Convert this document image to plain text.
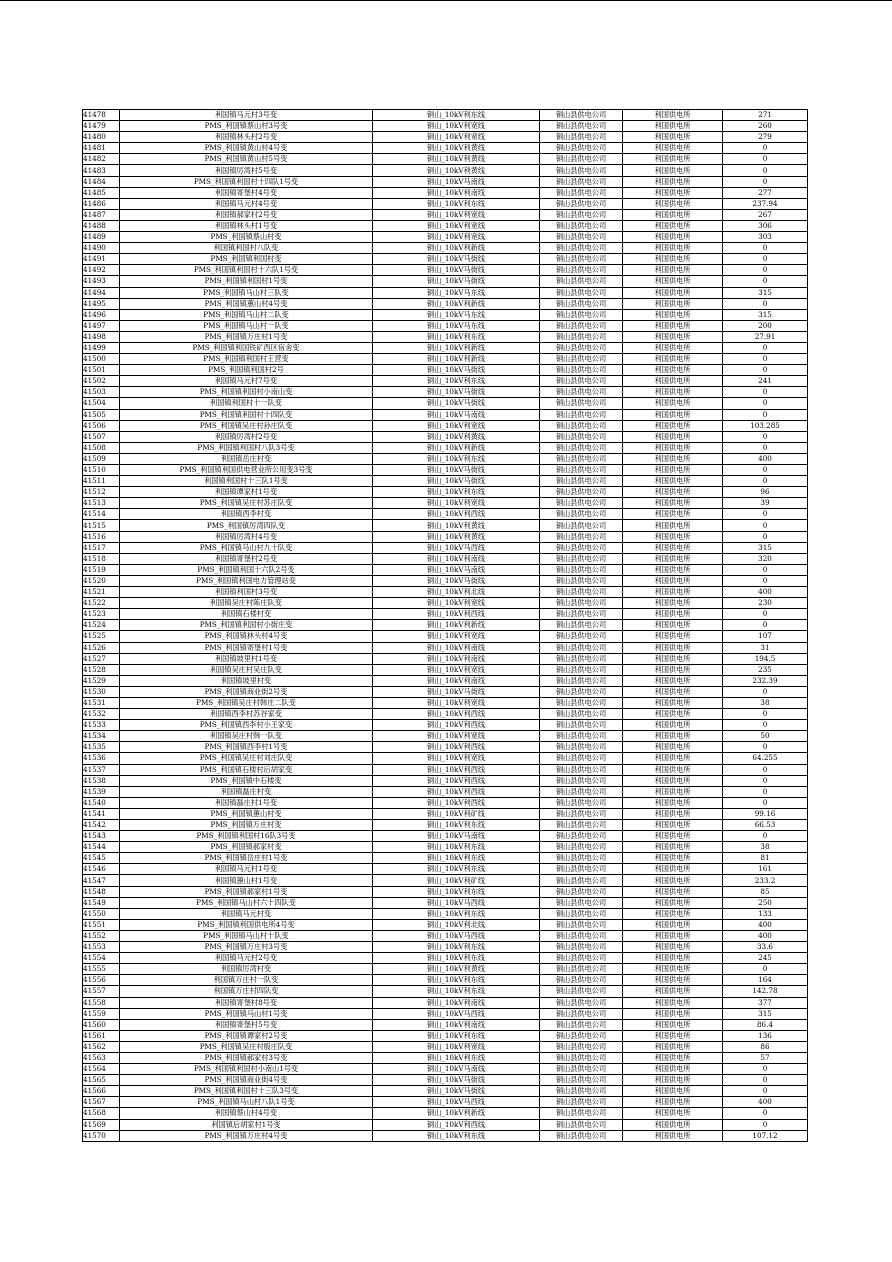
41478	利国镇马元村3号变	铜山_10kV利东线	铜山县供电公司	利国供电所	271
41479	PMS_利国镇蔡山村3号变	铜山_10kV利宽线	铜山县供电公司	利国供电所	260
41480	利国镇林头村2号变	铜山_10kV利宽线	铜山县供电公司	利国供电所	279
41481	PMS_利国镇黄山村4号变	铜山_10kV利黄线	铜山县供电公司	利国供电所	0
41482	PMS_利国镇黄山村5号变	铜山_10kV利黄线	铜山县供电公司	利国供电所	0
41483	利国镇厉湾村5号变	铜山_10kV利黄线	铜山县供电公司	利国供电所	0
41484	PMS_利国镇利国村十四队1号变	铜山_10kV马南线	铜山县供电公司	利国供电所	0
41485	利国镇寄堡村4号变	铜山_10kV利南线	铜山县供电公司	利国供电所	277
41486	利国镇马元村4号变	铜山_10kV利东线	铜山县供电公司	利国供电所	237.94
41487	利国镇郝家村2号变	铜山_10kV利宽线	铜山县供电公司	利国供电所	267
41488	利国镇林头村1号变	铜山_10kV利宽线	铜山县供电公司	利国供电所	306
41489	PMS_利国镇蔡山村变	铜山_10kV利宽线	铜山县供电公司	利国供电所	303
41490	利国镇利国村八队变	铜山_10kV利新线	铜山县供电公司	利国供电所	0
41491	PMS_利国镇利国村变	铜山_10kV马街线	铜山县供电公司	利国供电所	0
41492	PMS_利国镇利国村十六队1号变	铜山_10kV马街线	铜山县供电公司	利国供电所	0
41493	PMS_利国镇利国村1号变	铜山_10kV马街线	铜山县供电公司	利国供电所	0
41494	PMS_利国镇马山村三队变	铜山_10kV马东线	铜山县供电公司	利国供电所	315
41495	PMS_利国镇蕙山村4号变	铜山_10kV利新线	铜山县供电公司	利国供电所	0
41496	PMS_利国镇马山村二队变	铜山_10kV马东线	铜山县供电公司	利国供电所	315
41497	PMS_利国镇马山村一队变	铜山_10kV马东线	铜山县供电公司	利国供电所	200
41498	PMS_利国镇万庄村1号变	铜山_10kV利东线	铜山县供电公司	利国供电所	27.91
41499	PMS_利国镇利国铁矿西区宿舍变	铜山_10kV利新线	铜山县供电公司	利国供电所	0
41500	PMS_利国镇利国村王营变	铜山_10kV利新线	铜山县供电公司	利国供电所	0
41501	PMS_利国镇利国村2号	铜山_10kV马街线	铜山县供电公司	利国供电所	0
41502	利国镇马元村7号变	铜山_10kV利东线	铜山县供电公司	利国供电所	241
41503	PMS_利国镇利国村小南山变	铜山_10kV马街线	铜山县供电公司	利国供电所	0
41504	利国镇利国村十一队变	铜山_10kV马街线	铜山县供电公司	利国供电所	0
41505	PMS_利国镇利国村十四队变	铜山_10kV马南线	铜山县供电公司	利国供电所	0
41506	PMS_利国镇吴庄村孙庄队变	铜山_10kV利宽线	铜山县供电公司	利国供电所	103.285
41507	利国镇厉湾村2号变	铜山_10kV利黄线	铜山县供电公司	利国供电所	0
41508	PMS_利国镇利国村八队3号变	铜山_10kV利新线	铜山县供电公司	利国供电所	0
41509	利国镇岳庄村变	铜山_10kV利东线	铜山县供电公司	利国供电所	400
41510	PMS_利国镇利国供电营业所公用变3号变	铜山_10kV马街线	铜山县供电公司	利国供电所	0
41511	利国镇利国村十三队1号变	铜山_10kV马街线	铜山县供电公司	利国供电所	0
41512	利国镇谭家村1号变	铜山_10kV利东线	铜山县供电公司	利国供电所	96
41513	PMS_利国镇吴庄村苏庄队变	铜山_10kV利宽线	铜山县供电公司	利国供电所	39
41514	利国镇西李村变	铜山_10kV利西线	铜山县供电公司	利国供电所	0
41515	PMS_利国镇厉湾四队变	铜山_10kV利黄线	铜山县供电公司	利国供电所	0
41516	利国镇厉湾村4号变	铜山_10kV利黄线	铜山县供电公司	利国供电所	0
41517	PMS_利国镇马山村九十队变	铜山_10kV马西线	铜山县供电公司	利国供电所	315
41518	利国镇寄堡村2号变	铜山_10kV利南线	铜山县供电公司	利国供电所	320
41519	PMS_利国镇利国十六队2号变	铜山_10kV马南线	铜山县供电公司	利国供电所	0
41520	PMS_利国镇利国电力管理站变	铜山_10kV马街线	铜山县供电公司	利国供电所	0
41521	利国镇利国村3号变	铜山_10kV利北线	铜山县供电公司	利国供电所	400
41522	利国镇吴庄村陈庄队变	铜山_10kV利宽线	铜山县供电公司	利国供电所	230
41523	利国镇石楼村变	铜山_10kV利西线	铜山县供电公司	利国供电所	0
41524	PMS_利国镇利国村小街庄变	铜山_10kV利新线	铜山县供电公司	利国供电所	0
41525	PMS_利国镇林头村4号变	铜山_10kV利宽线	铜山县供电公司	利国供电所	107
41526	PMS_利国镇寄堡村1号变	铜山_10kV利南线	铜山县供电公司	利国供电所	31
41527	利国镇坡里村1号变	铜山_10kV利南线	铜山县供电公司	利国供电所	194.5
41528	利国镇吴庄村吴庄队变	铜山_10kV利宽线	铜山县供电公司	利国供电所	235
41529	利国镇坡里村变	铜山_10kV利南线	铜山县供电公司	利国供电所	232.39
41530	PMS_利国镇商业街2号变	铜山_10kV马街线	铜山县供电公司	利国供电所	0
41531	PMS_利国镇吴庄村韩庄二队变	铜山_10kV利宽线	铜山县供电公司	利国供电所	38
41532	利国镇西李村苏谷家变	铜山_10kV利西线	铜山县供电公司	利国供电所	0
41533	PMS_利国镇西李村小王家变	铜山_10kV利西线	铜山县供电公司	利国供电所	0
41534	利国镇吴庄村韩一队变	铜山_10kV利宽线	铜山县供电公司	利国供电所	50
41535	PMS_利国镇西李村1号变	铜山_10kV利西线	铜山县供电公司	利国供电所	0
41536	PMS_利国镇吴庄村刘庄队变	铜山_10kV利宽线	铜山县供电公司	利国供电所	64.255
41537	PMS_利国镇石楼村后胡家变	铜山_10kV利西线	铜山县供电公司	利国供电所	0
41538	PMS_利国镇中石楼变	铜山_10kV利西线	铜山县供电公司	利国供电所	0
41539	利国镇磊庄村变	铜山_10kV利西线	铜山县供电公司	利国供电所	0
41540	利国镇磊庄村1号变	铜山_10kV利西线	铜山县供电公司	利国供电所	0
41541	PMS_利国镇蕙山村变	铜山_10kV利矿线	铜山县供电公司	利国供电所	99.16
41542	PMS_利国镇万庄村变	铜山_10kV利东线	铜山县供电公司	利国供电所	66.53
41543	PMS_利国镇利国村16队3号变	铜山_10kV马南线	铜山县供电公司	利国供电所	0
41544	PMS_利国镇郝家村变	铜山_10kV利东线	铜山县供电公司	利国供电所	38
41545	PMS_利国镇岳庄村1号变	铜山_10kV利东线	铜山县供电公司	利国供电所	81
41546	利国镇马元村1号变	铜山_10kV利东线	铜山县供电公司	利国供电所	161
41547	利国镇蕙山村1号变	铜山_10kV利矿线	铜山县供电公司	利国供电所	233.2
41548	PMS_利国镇郝家村1号变	铜山_10kV利东线	铜山县供电公司	利国供电所	85
41549	PMS_利国镇马山村六十四队变	铜山_10kV马西线	铜山县供电公司	利国供电所	250
41550	利国镇马元村变	铜山_10kV利东线	铜山县供电公司	利国供电所	133
41551	PMS_利国镇利国供电所4号变	铜山_10kV利北线	铜山县供电公司	利国供电所	400
41552	PMS_利国镇马山村十队变	铜山_10kV马西线	铜山县供电公司	利国供电所	400
41553	PMS_利国镇万庄村3号变	铜山_10kV利东线	铜山县供电公司	利国供电所	33.6
41554	利国镇马元村2号变	铜山_10kV利东线	铜山县供电公司	利国供电所	245
41555	利国镇厉湾村变	铜山_10kV利黄线	铜山县供电公司	利国供电所	0
41556	利国镇万庄村一队变	铜山_10kV利东线	铜山县供电公司	利国供电所	164
41557	利国镇万庄村四队变	铜山_10kV利东线	铜山县供电公司	利国供电所	142.78
41558	利国镇寄堡村8号变	铜山_10kV利南线	铜山县供电公司	利国供电所	377
41559	PMS_利国镇马山村1号变	铜山_10kV马西线	铜山县供电公司	利国供电所	315
41560	利国镇寄堡村5号变	铜山_10kV利南线	铜山县供电公司	利国供电所	86.4
41561	PMS_利国镇谭家村2号变	铜山_10kV利东线	铜山县供电公司	利国供电所	136
41562	PMS_利国镇吴庄村殷庄队变	铜山_10kV利宽线	铜山县供电公司	利国供电所	86
41563	PMS_利国镇郝家村3号变	铜山_10kV利东线	铜山县供电公司	利国供电所	57
41564	PMS_利国镇利国村小南山1号变	铜山_10kV马南线	铜山县供电公司	利国供电所	0
41565	PMS_利国镇商业街4号变	铜山_10kV马街线	铜山县供电公司	利国供电所	0
41566	PMS_利国镇利国村十三队3号变	铜山_10kV马街线	铜山县供电公司	利国供电所	0
41567	PMS_利国镇马山村八队1号变	铜山_10kV马西线	铜山县供电公司	利国供电所	400
41568	利国镇蔡山村4号变	铜山_10kV利新线	铜山县供电公司	利国供电所	0
41569	利国镇后胡家村1号变	铜山_10kV利西线	铜山县供电公司	利国供电所	0
41570	PMS_利国镇万庄村4号变	铜山_10kV利东线	铜山县供电公司	利国供电所	107.12
